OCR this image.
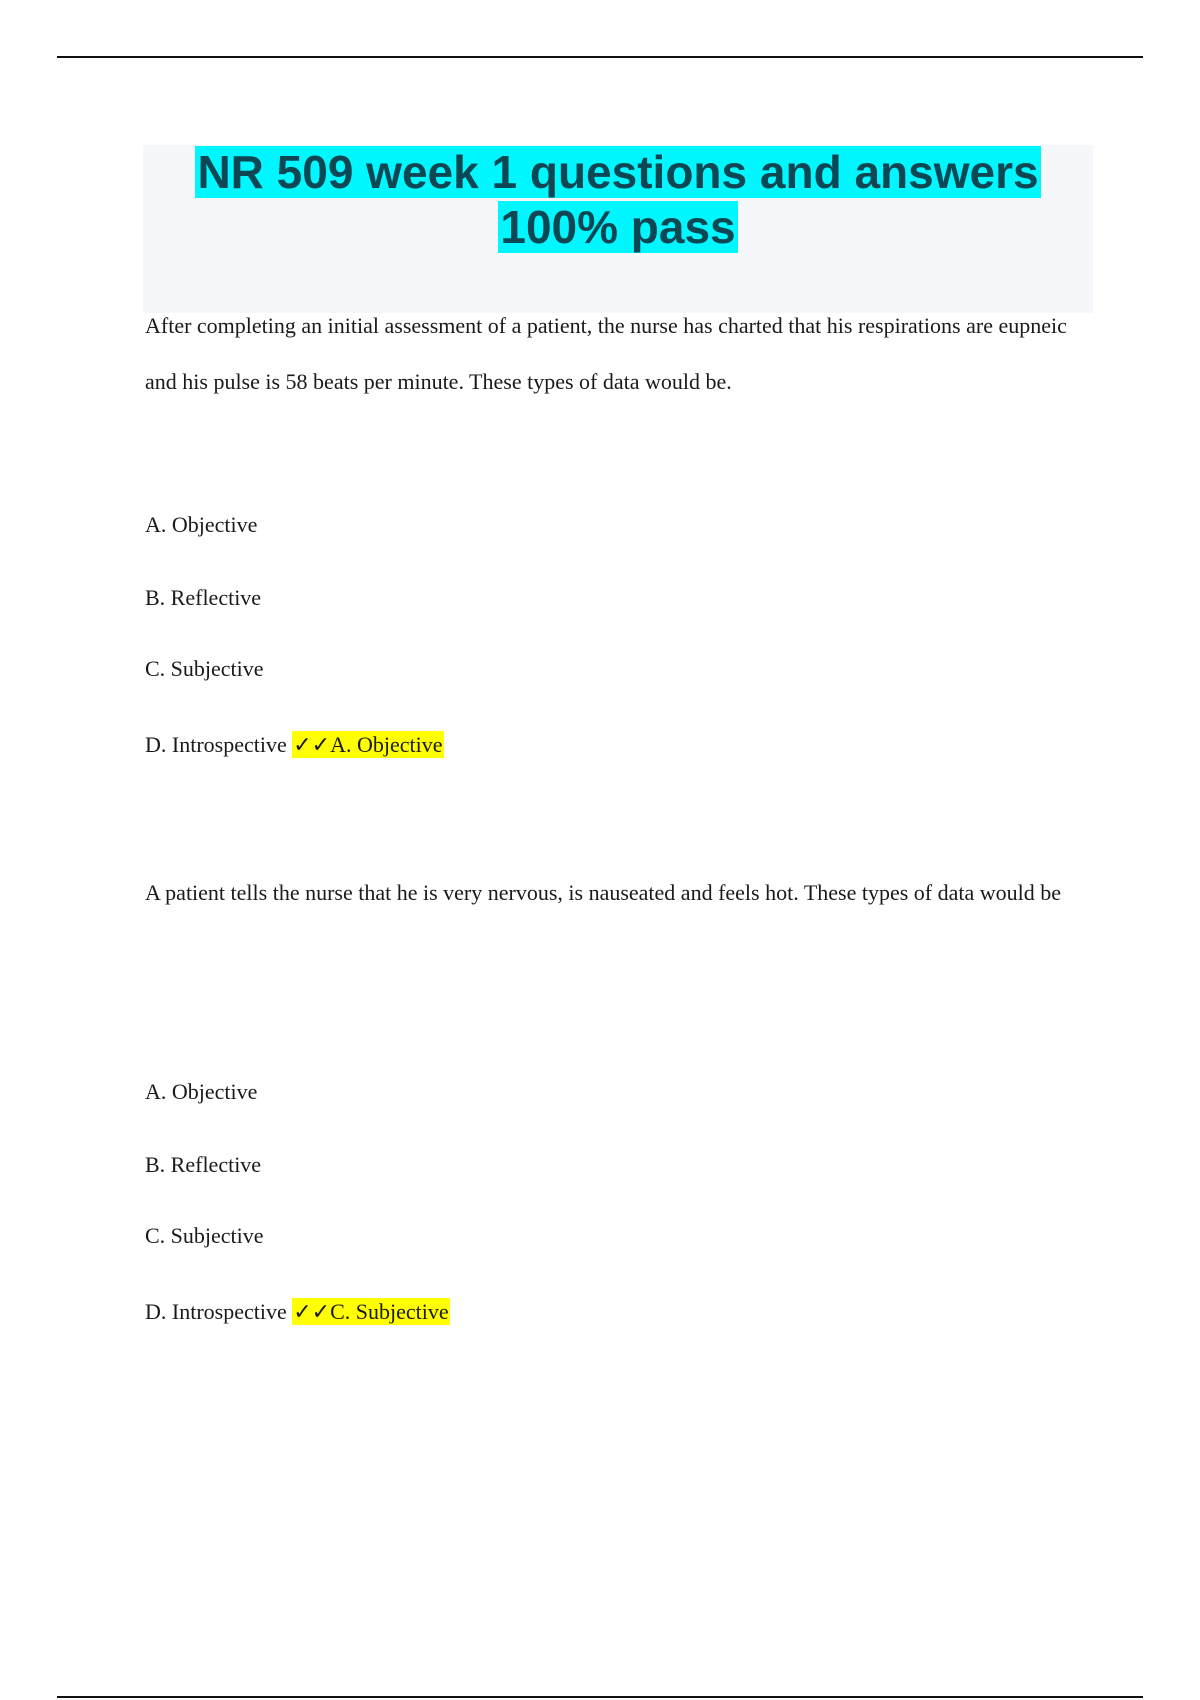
NR 509 week 1 questions and answers
100% pass

After completing an initial assessment of a patient, the nurse has charted that his respirations are eupneic and his pulse is 58 beats per minute. These types of data would be.

A. Objective
B. Reflective
C. Subjective
D. Introspective ✓✓A. Objective

A patient tells the nurse that he is very nervous, is nauseated and feels hot. These types of data would be

A. Objective
B. Reflective
C. Subjective
D. Introspective ✓✓C. Subjective
